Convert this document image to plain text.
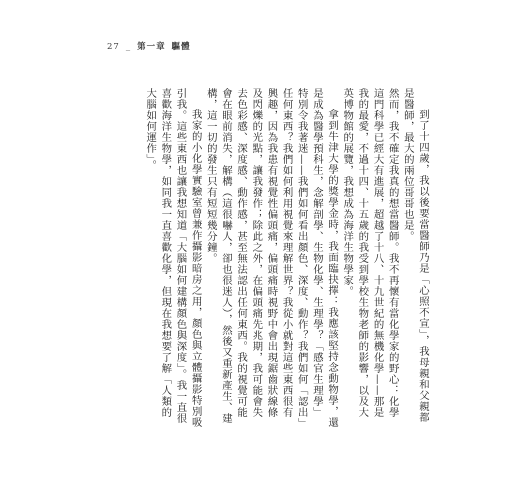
27 _ 第一章 驅體

到了十四歲，我以後要當醫師乃是「心照不宣」，我母親和父親都是醫師，最大的兩位哥哥也是。

然而，我不確定我真的想當醫師。我不再懷有當化學家的野心：化學這門科學已經大有進展，超越了十八、十九世紀的無機化學——那是我的最愛，不過十四、十五歲的我受到學校生物老師的影響，以及大英博物館的展覽，我想成為海洋生物學家。

拿到牛津大學的獎學金時，我面臨抉擇：我應該堅持念動物學，還是成為醫學預科生，念解剖學、生物化學、生理學？「感官生理學」特別令我著迷——我們如何看出顏色、深度、動作？我們如何「認出」任何東西？我們如何利用視覺來理解世界？我從小就對這些東西很有興趣，因為我患有視覺性偏頭痛，偏頭痛時視野中會出現鋸齒狀線條及閃爍的光點，讓我發作；除此之外，在偏頭痛先兆期，我可能會失去色彩感、深度感、動作感，甚至無法認出任何東西。我的視覺可能會在眼前消失，解構（這很嚇人，卻也很迷人），然後又重新產生、建構，這一切的發生只有短短幾分鐘。

我家的小化學實驗室曾兼作攝影暗房之用，顏色與立體攝影特別吸引我。這些東西也讓我想知道「大腦如何建構顏色與深度」。我一直很喜歡海洋生物學，如同我一直喜歡化學，但現在我想要了解「人類的大腦如何運作」。
